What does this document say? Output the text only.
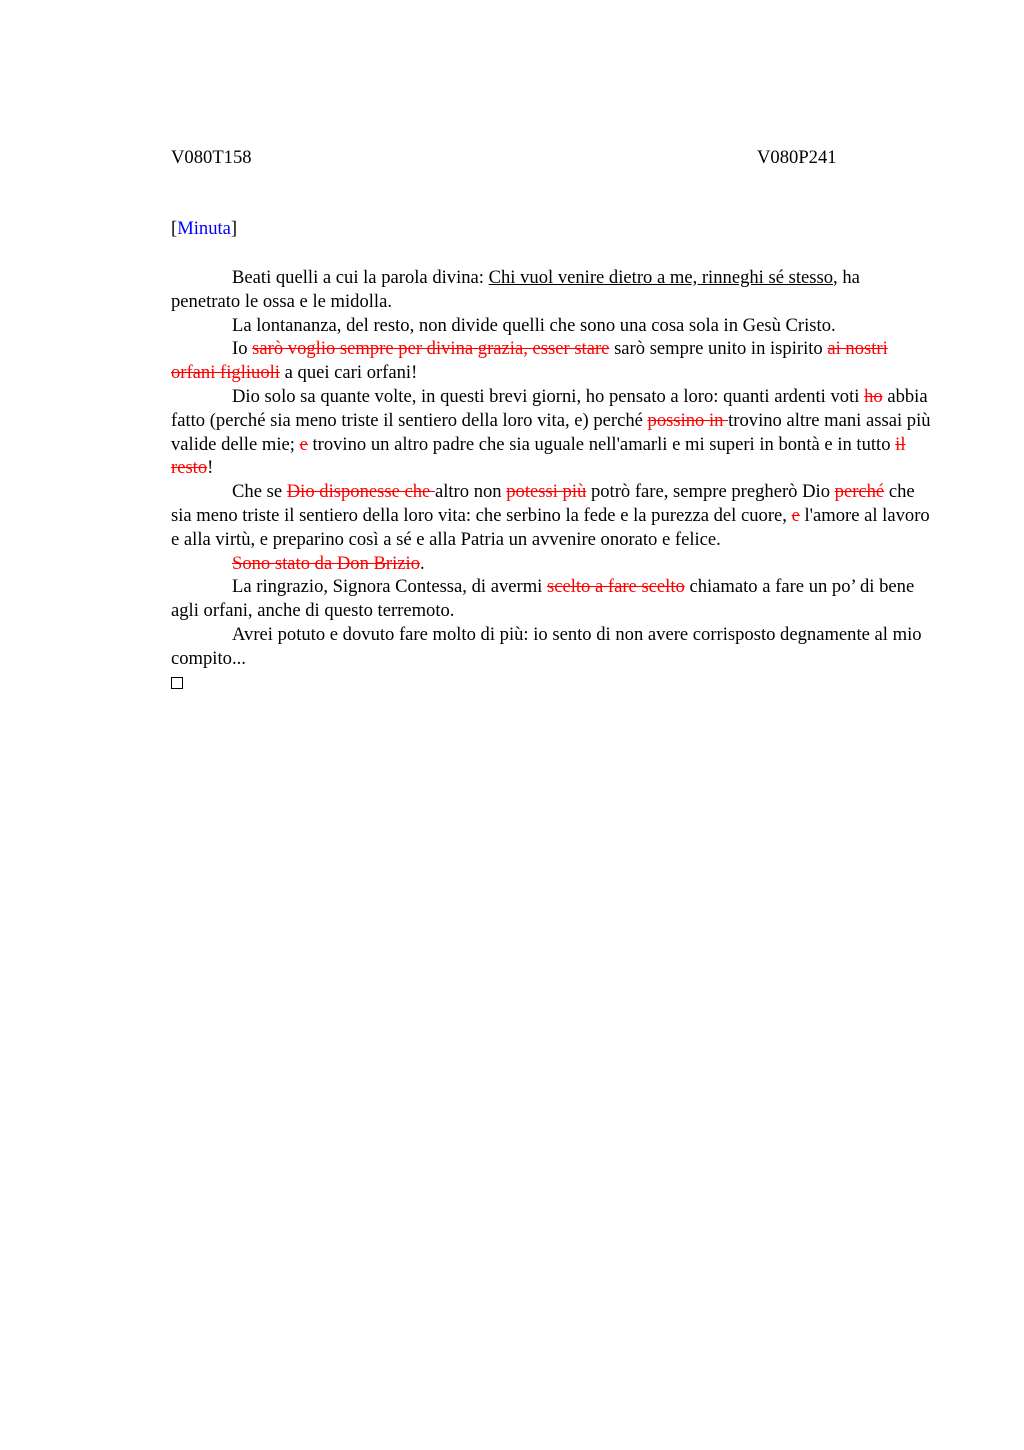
V080T158	V080P241
[Minuta]

Beati quelli a cui la parola divina: Chi vuol venire dietro a me, rinneghi sé stesso, ha penetrato le ossa e le midolla.

La lontananza, del resto, non divide quelli che sono una cosa sola in Gesù Cristo.

Io sarò voglio sempre per divina grazia, esser stare sarò sempre unito in ispirito ai nostri orfani figliuoli a quei cari orfani!

Dio solo sa quante volte, in questi brevi giorni, ho pensato a loro: quanti ardenti voti ho abbia fatto (perché sia meno triste il sentiero della loro vita, e) perché possino in trovino altre mani assai più valide delle mie; e trovino un altro padre che sia uguale nell'amarli e mi superi in bontà e in tutto il resto!

Che se Dio disponesse che altro non potessi più potrò fare, sempre pregherò Dio perché che sia meno triste il sentiero della loro vita: che serbino la fede e la purezza del cuore, e l'amore al lavoro e alla virtù, e preparino così a sé e alla Patria un avvenire onorato e felice.

Sono stato da Don Brizio.

La ringrazio, Signora Contessa, di avermi scelto a fare scelto chiamato a fare un po’ di bene agli orfani, anche di questo terremoto.

Avrei potuto e dovuto fare molto di più: io sento di non avere corrisposto degnamente al mio compito...
